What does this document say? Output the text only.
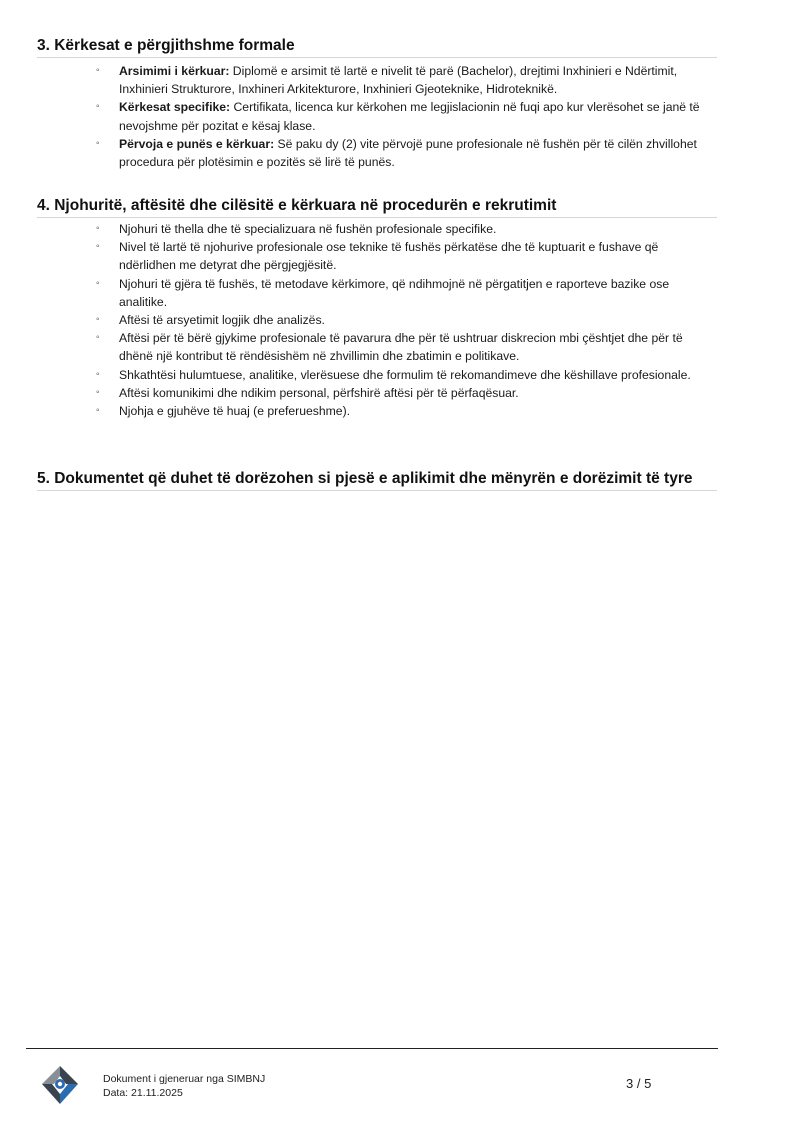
3. Kërkesat e përgjithshme formale
◦ Arsimimi i kërkuar: Diplomë e arsimit të lartë e nivelit të parë (Bachelor), drejtimi Inxhinieri e Ndërtimit, Inxhinieri Strukturore, Inxhineri Arkitekturore, Inxhinieri Gjeoteknike, Hidroteknikë.
◦ Kërkesat specifike: Certifikata, licenca kur kërkohen me legjislacionin në fuqi apo kur vlerësohet se janë të nevojshme për pozitat e kësaj klase.
◦ Përvoja e punës e kërkuar: Së paku dy (2) vite përvojë pune profesionale në fushën për të cilën zhvillohet procedura për plotësimin e pozitës së lirë të punës.
4. Njohuritë, aftësitë dhe cilësitë e kërkuara në procedurën e rekrutimit
◦ Njohuri të thella dhe të specializuara në fushën profesionale specifike.
◦ Nivel të lartë të njohurive profesionale ose teknike të fushës përkatëse dhe të kuptuarit e fushave që ndërlidhen me detyrat dhe përgjegjësitë.
◦ Njohuri të gjëra të fushës, të metodave kërkimore, që ndihmojnë në përgatitjen e raporteve bazike ose analitike.
◦ Aftësi të arsyetimit logjik dhe analizës.
◦ Aftësi për të bërë gjykime profesionale të pavarura dhe për të ushtruar diskrecion mbi çështjet dhe për të dhënë një kontribut të rëndësishëm në zhvillimin dhe zbatimin e politikave.
◦ Shkathtësi hulumtuese, analitike, vlerësuese dhe formulim të rekomandimeve dhe këshillave profesionale.
◦ Aftësi komunikimi dhe ndikim personal, përfshirë aftësi për të përfaqësuar.
◦ Njohja e gjuhëve të huaj (e preferueshme).
5. Dokumentet që duhet të dorëzohen si pjesë e aplikimit dhe mënyrën e dorëzimit të tyre
Dokument i gjeneruar nga SIMBNJ
Data: 21.11.2025
3 / 5
